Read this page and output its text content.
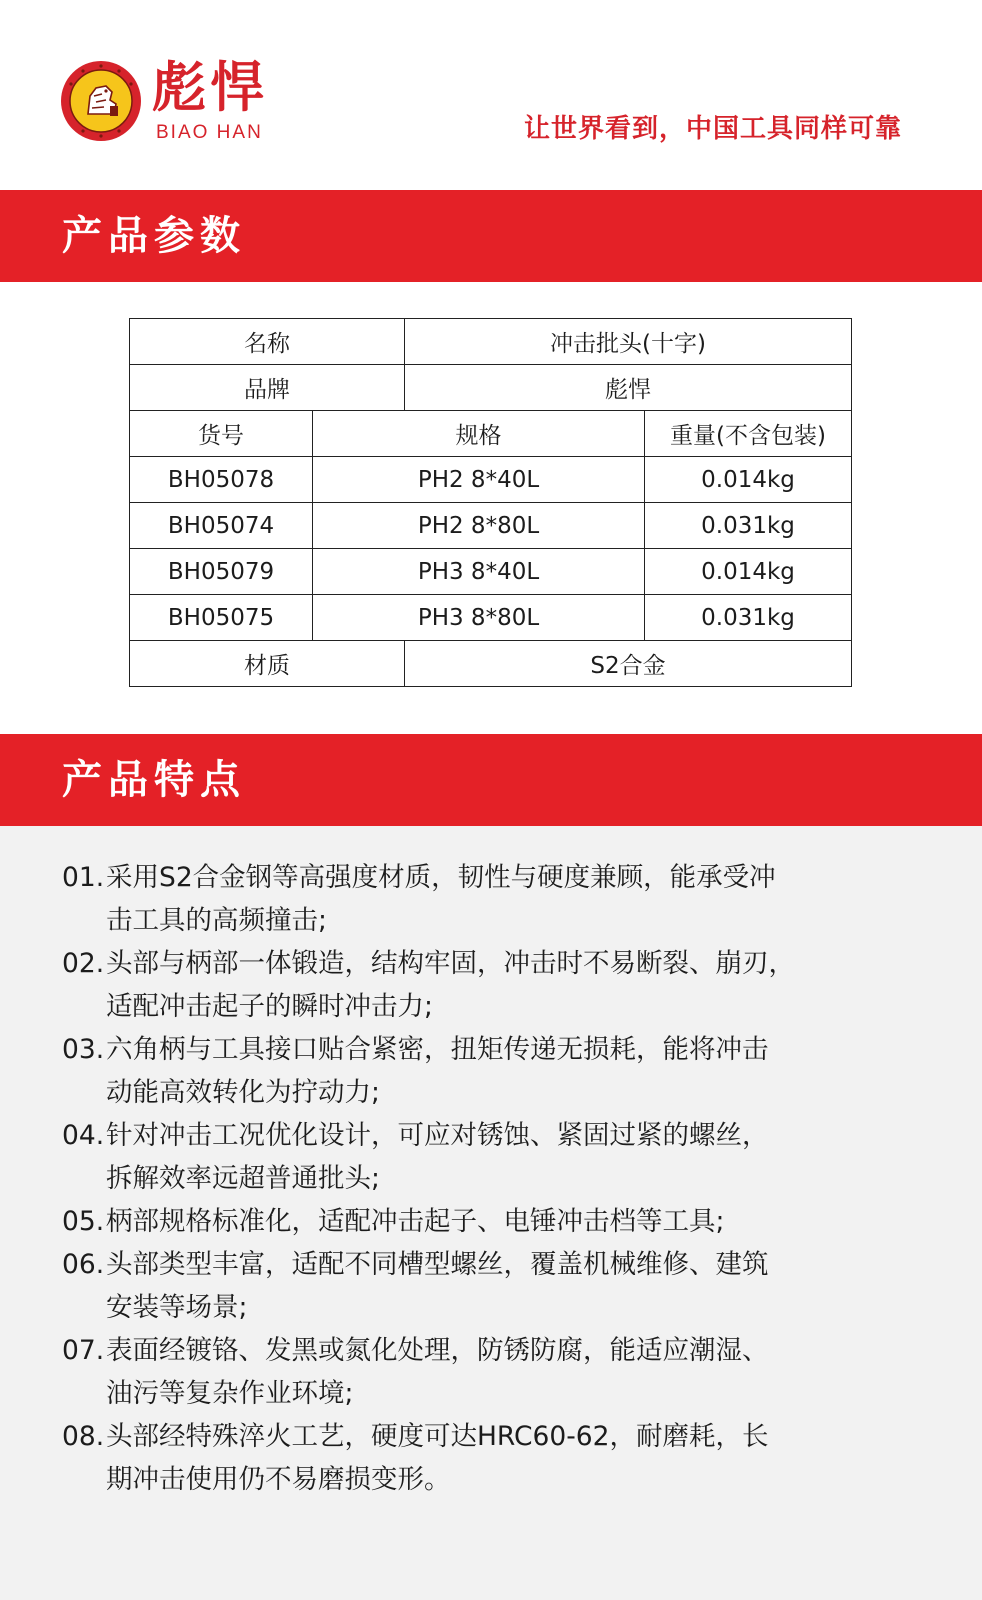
彪悍
BIAO HAN	让世界看到，中国工具同样可靠
产品参数
名称		冲击批头(十字)	
品牌		彪悍	
货号	规格		重量(不含包装)
BH05078	PH2 8*40L		0.014kg
BH05074	PH2 8*80L		0.031kg
BH05079	PH3 8*40L		0.014kg
BH05075	PH3 8*80L		0.031kg
材质		S2合金	
产品特点
01.采用S2合金钢等高强度材质，韧性与硬度兼顾，能承受冲
击工具的高频撞击;
02.头部与柄部一体锻造，结构牢固，冲击时不易断裂、崩刃，
适配冲击起子的瞬时冲击力;
03.六角柄与工具接口贴合紧密，扭矩传递无损耗，能将冲击
动能高效转化为拧动力;
04.针对冲击工况优化设计，可应对锈蚀、紧固过紧的螺丝，
拆解效率远超普通批头;
05.柄部规格标准化，适配冲击起子、电锤冲击档等工具;
06.头部类型丰富，适配不同槽型螺丝，覆盖机械维修、建筑
安装等场景;
07.表面经镀铬、发黑或氮化处理，防锈防腐，能适应潮湿、
油污等复杂作业环境;
08.头部经特殊淬火工艺，硬度可达HRC60-62，耐磨耗，长
期冲击使用仍不易磨损变形。
